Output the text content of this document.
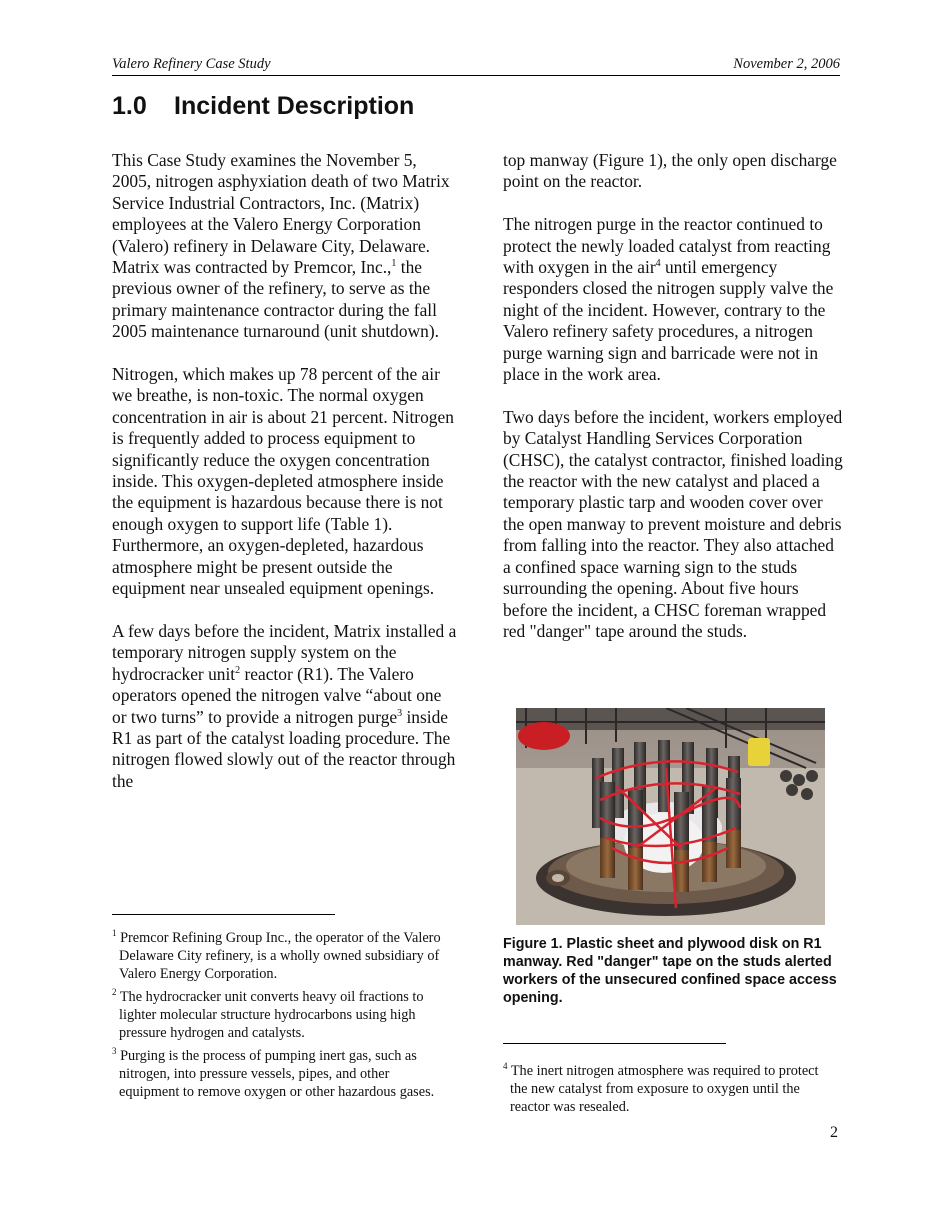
Valero Refinery Case Study	November 2, 2006
1.0 Incident Description

This Case Study examines the November 5, 2005, nitrogen asphyxiation death of two Matrix Service Industrial Contractors, Inc. (Matrix) employees at the Valero Energy Corporation (Valero) refinery in Delaware City, Delaware. Matrix was contracted by Premcor, Inc.,$^1$ the previous owner of the refinery, to serve as the primary maintenance contractor during the fall 2005 maintenance turnaround (unit shutdown).

Nitrogen, which makes up 78 percent of the air we breathe, is non-toxic. The normal oxygen concentration in air is about 21 percent. Nitrogen is frequently added to process equipment to significantly reduce the oxygen concentration inside. This oxygen-depleted atmosphere inside the equipment is hazardous because there is not enough oxygen to support life (Table 1). Furthermore, an oxygen-depleted, hazardous atmosphere might be present outside the equipment near unsealed equipment openings.

A few days before the incident, Matrix installed a temporary nitrogen supply system on the hydrocracker unit$^2$ reactor (R1). The Valero operators opened the nitrogen valve “about one or two turns” to provide a nitrogen purge$^3$ inside R1 as part of the catalyst loading procedure. The nitrogen flowed slowly out of the reactor through the

top manway (Figure 1), the only open discharge point on the reactor.

The nitrogen purge in the reactor continued to protect the newly loaded catalyst from reacting with oxygen in the air$^4$ until emergency responders closed the nitrogen supply valve the night of the incident. However, contrary to the Valero refinery safety procedures, a nitrogen purge warning sign and barricade were not in place in the work area.

Two days before the incident, workers employed by Catalyst Handling Services Corporation (CHSC), the catalyst contractor, finished loading the reactor with the new catalyst and placed a temporary plastic tarp and wooden cover over the open manway to prevent moisture and debris from falling into the reactor. They also attached a confined space warning sign to the studs surrounding the opening. About five hours before the incident, a CHSC foreman wrapped red "danger" tape around the studs.

Figure 1. Plastic sheet and plywood disk on R1 manway. Red "danger" tape on the studs alerted workers of the unsecured confined space access opening.
$^1$ Premcor Refining Group Inc., the operator of the Valero Delaware City refinery, is a wholly owned subsidiary of Valero Energy Corporation.
$^2$ The hydrocracker unit converts heavy oil fractions to lighter molecular structure hydrocarbons using high pressure hydrogen and catalysts.
$^3$ Purging is the process of pumping inert gas, such as nitrogen, into pressure vessels, pipes, and other equipment to remove oxygen or other hazardous gases.
$^4$ The inert nitrogen atmosphere was required to protect the new catalyst from exposure to oxygen until the reactor was resealed.
2
